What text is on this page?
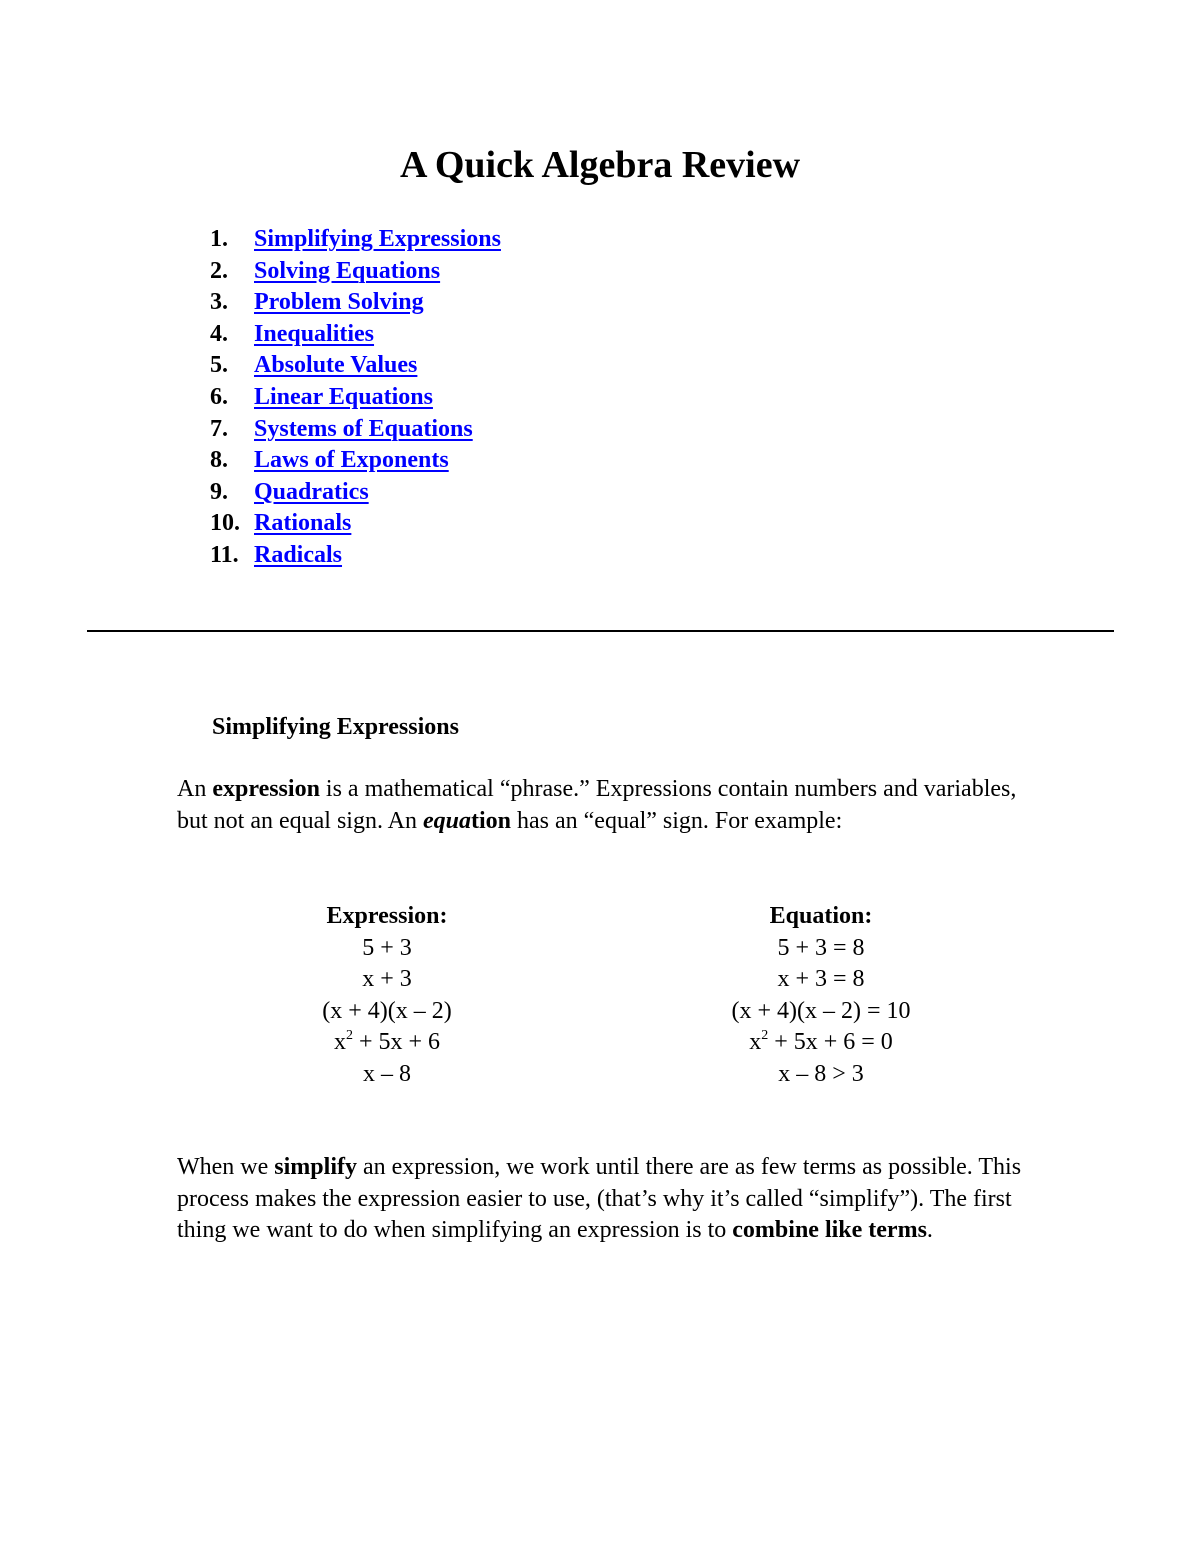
A Quick Algebra Review
1. Simplifying Expressions
2. Solving Equations
3. Problem Solving
4. Inequalities
5. Absolute Values
6. Linear Equations
7. Systems of Equations
8. Laws of Exponents
9. Quadratics
10. Rationals
11. Radicals
Simplifying Expressions

An expression is a mathematical “phrase.” Expressions contain numbers and variables, but not an equal sign. An equation has an “equal” sign. For example:

Expression:
5 + 3
x + 3
(x + 4)(x – 2)
$x^2 + 5x + 6$
x – 8
Equation:
5 + 3 = 8
x + 3 = 8
(x + 4)(x – 2) = 10
$x^2 + 5x + 6 = 0$
x – 8 > 3

When we simplify an expression, we work until there are as few terms as possible. This process makes the expression easier to use, (that’s why it’s called “simplify”). The first thing we want to do when simplifying an expression is to combine like terms.
